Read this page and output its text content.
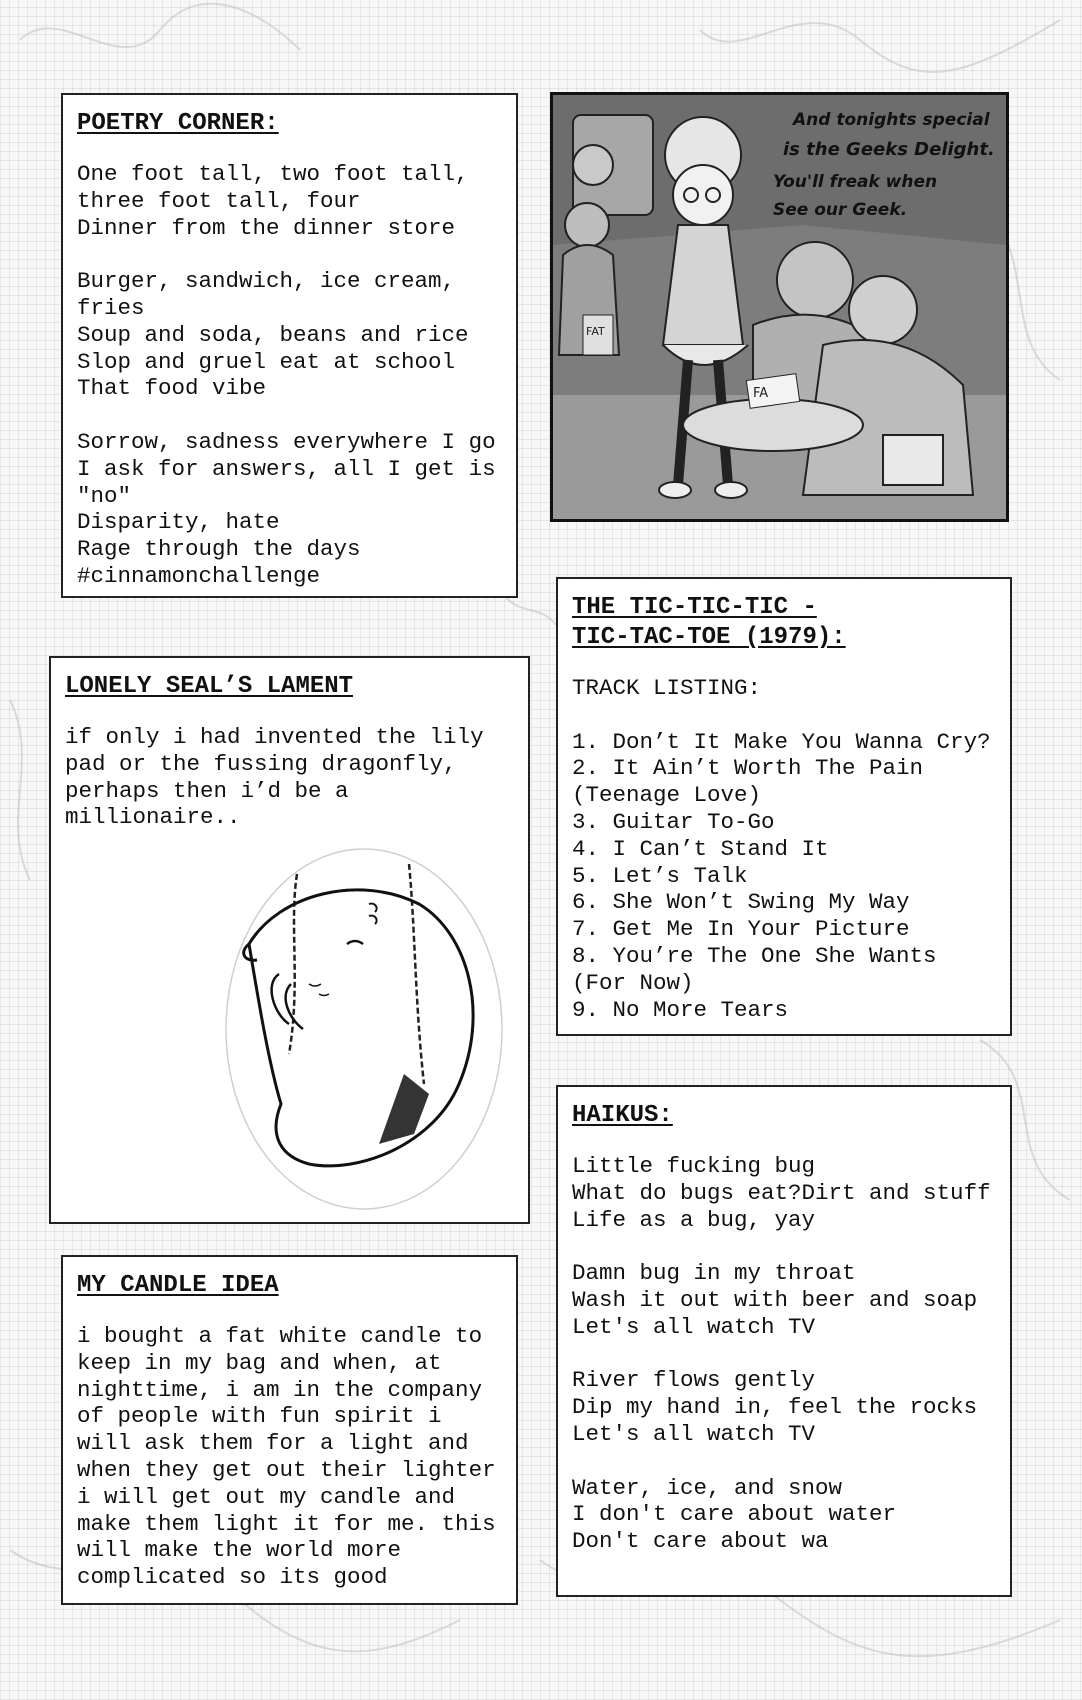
POETRY CORNER:
One foot tall, two foot tall,
three foot tall, four
Dinner from the dinner store
Burger, sandwich, ice cream,
fries
Soup and soda, beans and rice
Slop and gruel eat at school
That food vibe
Sorrow, sadness everywhere I go
I ask for answers, all I get is
"no"
Disparity, hate
Rage through the days
#cinnamonchallenge
FAT
FA
And tonights special
is the Geeks Delight.
You'll freak when
See our Geek.
LONELY SEAL’S LAMENT
if only i had invented the lily
pad or the fussing dragonfly,
perhaps then i’d be a
millionaire..
THE TIC-TIC-TIC -
TIC-TAC-TOE (1979):
TRACK LISTING:
1. Don’t It Make You Wanna Cry?
2. It Ain’t Worth The Pain
(Teenage Love)
3. Guitar To-Go
4. I Can’t Stand It
5. Let’s Talk
6. She Won’t Swing My Way
7. Get Me In Your Picture
8. You’re The One She Wants
(For Now)
9. No More Tears
HAIKUS:
Little fucking bug
What do bugs eat?Dirt and stuff
Life as a bug, yay
Damn bug in my throat
Wash it out with beer and soap
Let's all watch TV
River flows gently
Dip my hand in, feel the rocks
Let's all watch TV
Water, ice, and snow
I don't care about water
Don't care about wa
MY CANDLE IDEA
i bought a fat white candle to
keep in my bag and when, at
nighttime, i am in the company
of people with fun spirit i
will ask them for a light and
when they get out their lighter
i will get out my candle and
make them light it for me. this
will make the world more
complicated so its good
